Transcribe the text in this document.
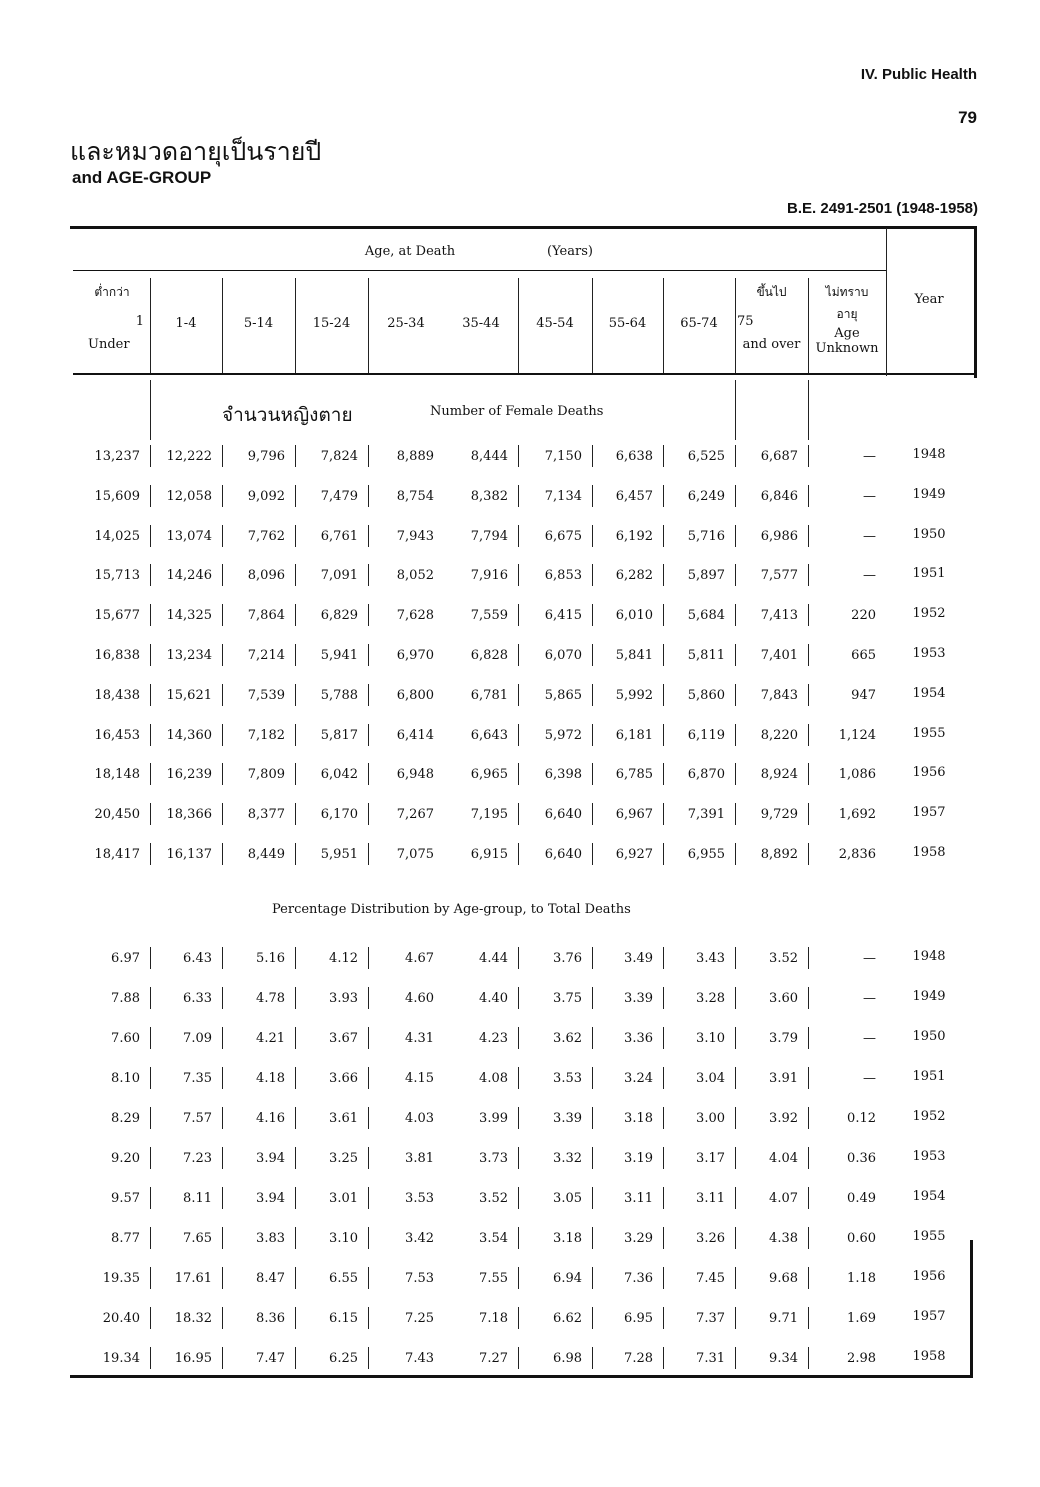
IV. Public Health
79
และหมวดอายุเป็นรายปี
and AGE-GROUP
B.E. 2491-2501 (1948-1958)
Age, at Death	(Years)
ต่ำกว่า
1
Under
1-4	5-14	15-24	25-34	35-44	45-54	55-64	65-74
ขึ้นไป
75
and over
ไม่ทราบ
อายุ
Age
Unknown
Year
13,237	12,222	9,796	7,824	8,889	8,444	7,150	6,638	6,525	6,687	—	1948
15,609	12,058	9,092	7,479	8,754	8,382	7,134	6,457	6,249	6,846	—	1949
14,025	13,074	7,762	6,761	7,943	7,794	6,675	6,192	5,716	6,986	—	1950
15,713	14,246	8,096	7,091	8,052	7,916	6,853	6,282	5,897	7,577	—	1951
15,677	14,325	7,864	6,829	7,628	7,559	6,415	6,010	5,684	7,413	220	1952
16,838	13,234	7,214	5,941	6,970	6,828	6,070	5,841	5,811	7,401	665	1953
18,438	15,621	7,539	5,788	6,800	6,781	5,865	5,992	5,860	7,843	947	1954
16,453	14,360	7,182	5,817	6,414	6,643	5,972	6,181	6,119	8,220	1,124	1955
18,148	16,239	7,809	6,042	6,948	6,965	6,398	6,785	6,870	8,924	1,086	1956
20,450	18,366	8,377	6,170	7,267	7,195	6,640	6,967	7,391	9,729	1,692	1957
18,417	16,137	8,449	5,951	7,075	6,915	6,640	6,927	6,955	8,892	2,836	1958
6.97	6.43	5.16	4.12	4.67	4.44	3.76	3.49	3.43	3.52	—	1948
7.88	6.33	4.78	3.93	4.60	4.40	3.75	3.39	3.28	3.60	—	1949
7.60	7.09	4.21	3.67	4.31	4.23	3.62	3.36	3.10	3.79	—	1950
8.10	7.35	4.18	3.66	4.15	4.08	3.53	3.24	3.04	3.91	—	1951
8.29	7.57	4.16	3.61	4.03	3.99	3.39	3.18	3.00	3.92	0.12	1952
9.20	7.23	3.94	3.25	3.81	3.73	3.32	3.19	3.17	4.04	0.36	1953
9.57	8.11	3.94	3.01	3.53	3.52	3.05	3.11	3.11	4.07	0.49	1954
8.77	7.65	3.83	3.10	3.42	3.54	3.18	3.29	3.26	4.38	0.60	1955
19.35	17.61	8.47	6.55	7.53	7.55	6.94	7.36	7.45	9.68	1.18	1956
20.40	18.32	8.36	6.15	7.25	7.18	6.62	6.95	7.37	9.71	1.69	1957
19.34	16.95	7.47	6.25	7.43	7.27	6.98	7.28	7.31	9.34	2.98	1958
จำนวนหญิงตาย	Number of Female Deaths
Percentage Distribution by Age-group, to Total Deaths
